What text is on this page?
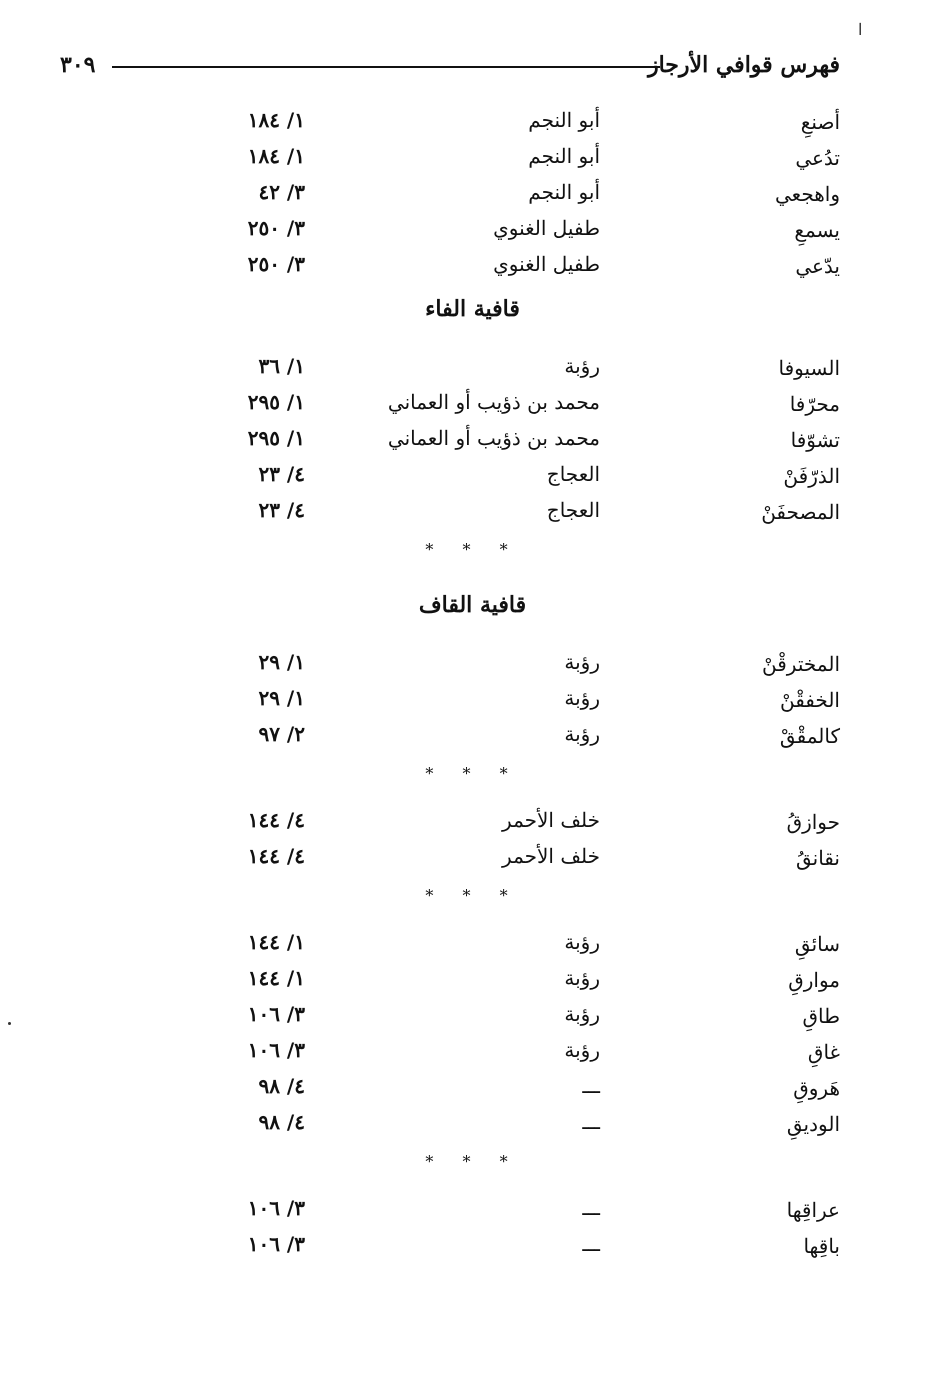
ا
٣٠٩	فهرس قوافي الأرجاز
أصنعِ
أبو النجم
١/ ١٨٤
تدُعي
أبو النجم
١/ ١٨٤
واهجعي
أبو النجم
٣/ ٤٢
يسمعِ
طفيل الغنوي
٣/ ٢٥٠
يدّعي
طفيل الغنوي
٣/ ٢٥٠
قافية الفاء
السيوفا
رؤبة
١/ ٣٦
محرّفا
محمد بن ذؤيب أو العماني
١/ ٢٩٥
تشوّفا
محمد بن ذؤيب أو العماني
١/ ٢٩٥
الذرّفَنْ
العجاج
٤/ ٢٣
المصحفَنْ
العجاج
٤/ ٢٣
* * *
قافية القاف
المخترقْنْ
رؤبة
١/ ٢٩
الخفقْنْ
رؤبة
١/ ٢٩
كالمقْقْ
رؤبة
٢/ ٩٧
* * *
حوازقُ
خلف الأحمر
٤/ ١٤٤
نقانقُ
خلف الأحمر
٤/ ١٤٤
* * *
سائقِ
رؤبة
١/ ١٤٤
موارقِ
رؤبة
١/ ١٤٤
طاقِ
رؤبة
٣/ ١٠٦
غاقِ
رؤبة
٣/ ١٠٦
هَروقِ
ـــ
٤/ ٩٨
الوديقِ
ـــ
٤/ ٩٨
* * *
عراقِها
ـــ
٣/ ١٠٦
باقِها
ـــ
٣/ ١٠٦
